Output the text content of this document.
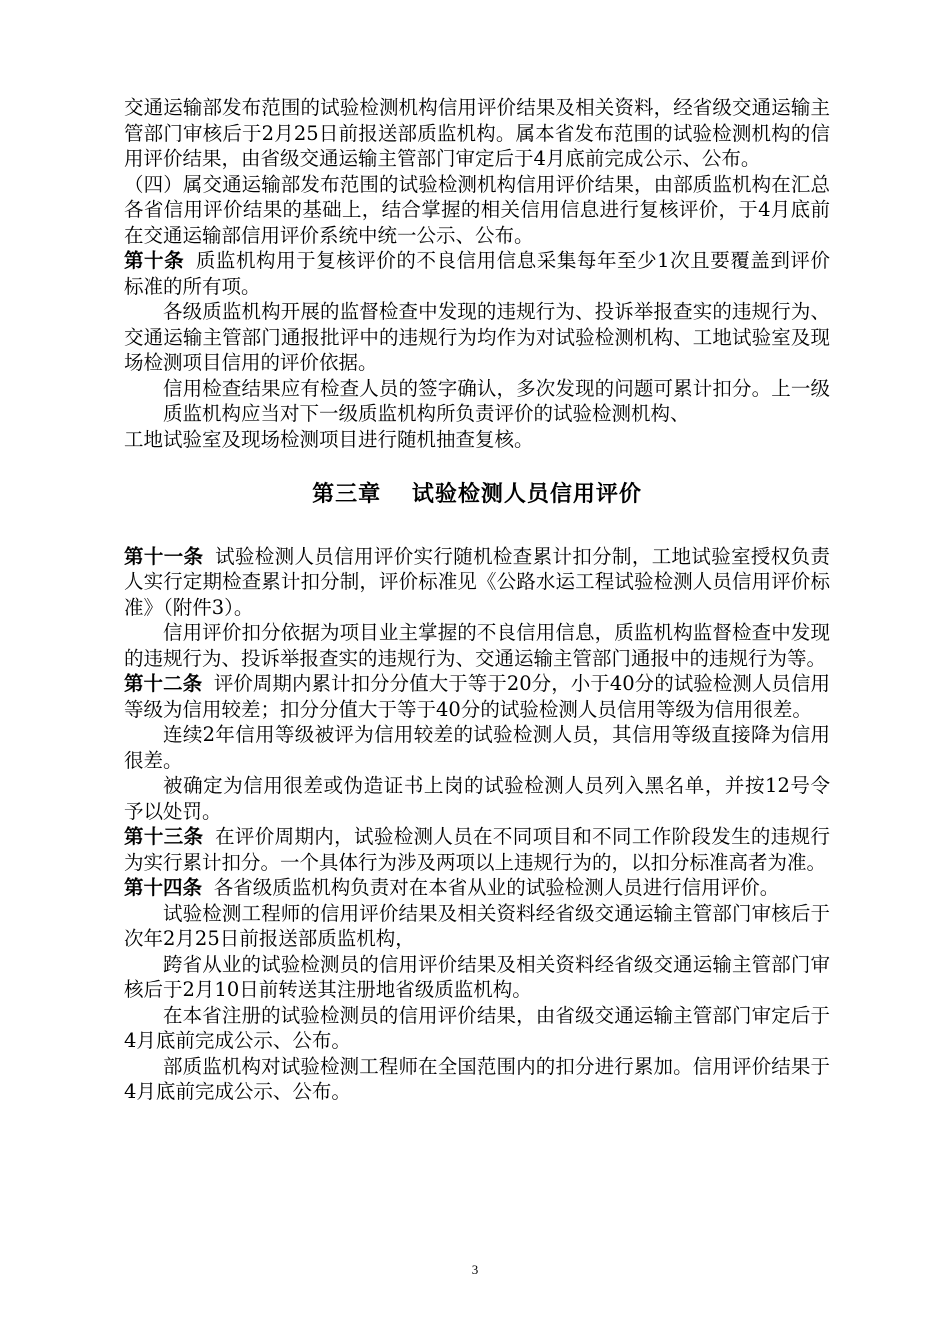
交通运输部发布范围的试验检测机构信用评价结果及相关资料，经省级交通运输主管部门审核后于2月25日前报送部质监机构。属本省发布范围的试验检测机构的信用评价结果，由省级交通运输主管部门审定后于4月底前完成公示、公布。

（四）属交通运输部发布范围的试验检测机构信用评价结果，由部质监机构在汇总各省信用评价结果的基础上，结合掌握的相关信用信息进行复核评价，于4月底前在交通运输部信用评价系统中统一公示、公布。

第十条 质监机构用于复核评价的不良信用信息采集每年至少1次且要覆盖到评价标准的所有项。

各级质监机构开展的监督检查中发现的违规行为、投诉举报查实的违规行为、交通运输主管部门通报批评中的违规行为均作为对试验检测机构、工地试验室及现场检测项目信用的评价依据。

信用检查结果应有检查人员的签字确认，多次发现的问题可累计扣分。上一级质监机构应当对下一级质监机构所负责评价的试验检测机构、

工地试验室及现场检测项目进行随机抽查复核。

第三章 试验检测人员信用评价

第十一条 试验检测人员信用评价实行随机检查累计扣分制，工地试验室授权负责人实行定期检查累计扣分制，评价标准见《公路水运工程试验检测人员信用评价标准》（附件3）。

信用评价扣分依据为项目业主掌握的不良信用信息，质监机构监督检查中发现的违规行为、投诉举报查实的违规行为、交通运输主管部门通报中的违规行为等。

第十二条 评价周期内累计扣分分值大于等于20分，小于40分的试验检测人员信用等级为信用较差；扣分分值大于等于40分的试验检测人员信用等级为信用很差。

连续2年信用等级被评为信用较差的试验检测人员，其信用等级直接降为信用很差。

被确定为信用很差或伪造证书上岗的试验检测人员列入黑名单，并按12号令予以处罚。

第十三条 在评价周期内，试验检测人员在不同项目和不同工作阶段发生的违规行为实行累计扣分。一个具体行为涉及两项以上违规行为的，以扣分标准高者为准。

第十四条 各省级质监机构负责对在本省从业的试验检测人员进行信用评价。

试验检测工程师的信用评价结果及相关资料经省级交通运输主管部门审核后于次年2月25日前报送部质监机构，

跨省从业的试验检测员的信用评价结果及相关资料经省级交通运输主管部门审核后于2月10日前转送其注册地省级质监机构。

在本省注册的试验检测员的信用评价结果，由省级交通运输主管部门审定后于4月底前完成公示、公布。

部质监机构对试验检测工程师在全国范围内的扣分进行累加。信用评价结果于4月底前完成公示、公布。

3
